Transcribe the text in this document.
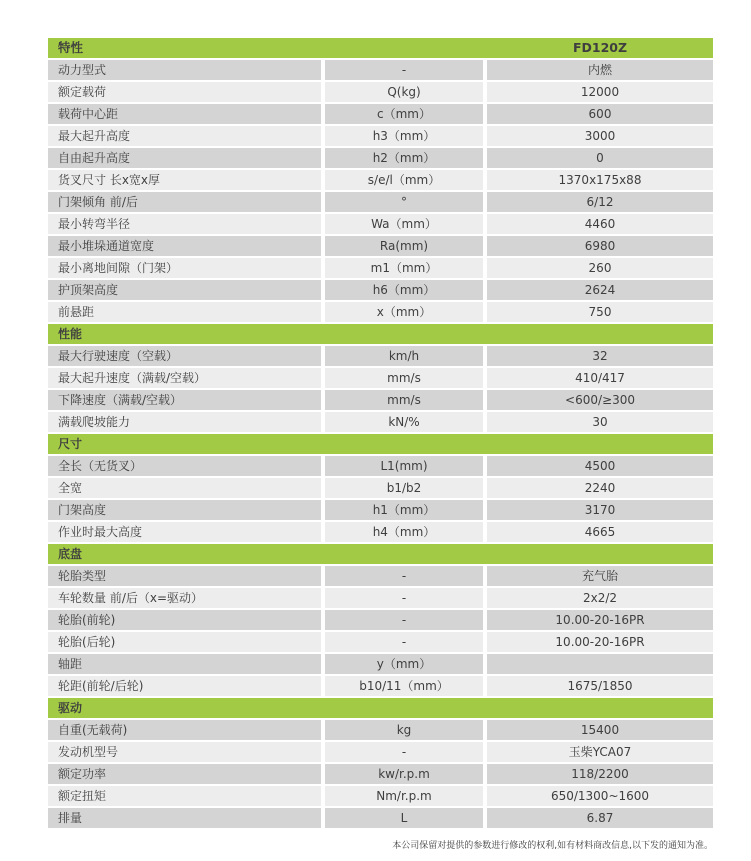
特性	FD120Z
动力型式	-	内燃
额定载荷	Q(kg)	12000
载荷中心距	c（mm）	600
最大起升高度	h3（mm）	3000
自由起升高度	h2（mm）	0
货叉尺寸 长x宽x厚	s/e/l（mm）	1370x175x88
门架倾角 前/后	°	6/12
最小转弯半径	Wa（mm）	4460
最小堆垛通道宽度	Ra(mm)	6980
最小离地间隙（门架）	m1（mm）	260
护顶架高度	h6（mm）	2624
前悬距	x（mm）	750
性能
最大行驶速度（空载）	km/h	32
最大起升速度（满载/空载）	mm/s	410/417
下降速度（满载/空载）	mm/s	<600/≥300
满载爬坡能力	kN/%	30
尺寸
全长（无货叉）	L1(mm)	4500
全宽	b1/b2	2240
门架高度	h1（mm）	3170
作业时最大高度	h4（mm）	4665
底盘
轮胎类型	-	充气胎
车轮数量 前/后（x=驱动）	-	2x2/2
轮胎(前轮)	-	10.00-20-16PR
轮胎(后轮)	-	10.00-20-16PR
轴距	y（mm）
轮距(前轮/后轮)	b10/11（mm）	1675/1850
驱动
自重(无载荷)	kg	15400
发动机型号	-	玉柴YCA07
额定功率	kw/r.p.m	118/2200
额定扭矩	Nm/r.p.m	650/1300~1600
排量	L	6.87
本公司保留对提供的参数进行修改的权利,如有材料商改信息,以下发的通知为准。
